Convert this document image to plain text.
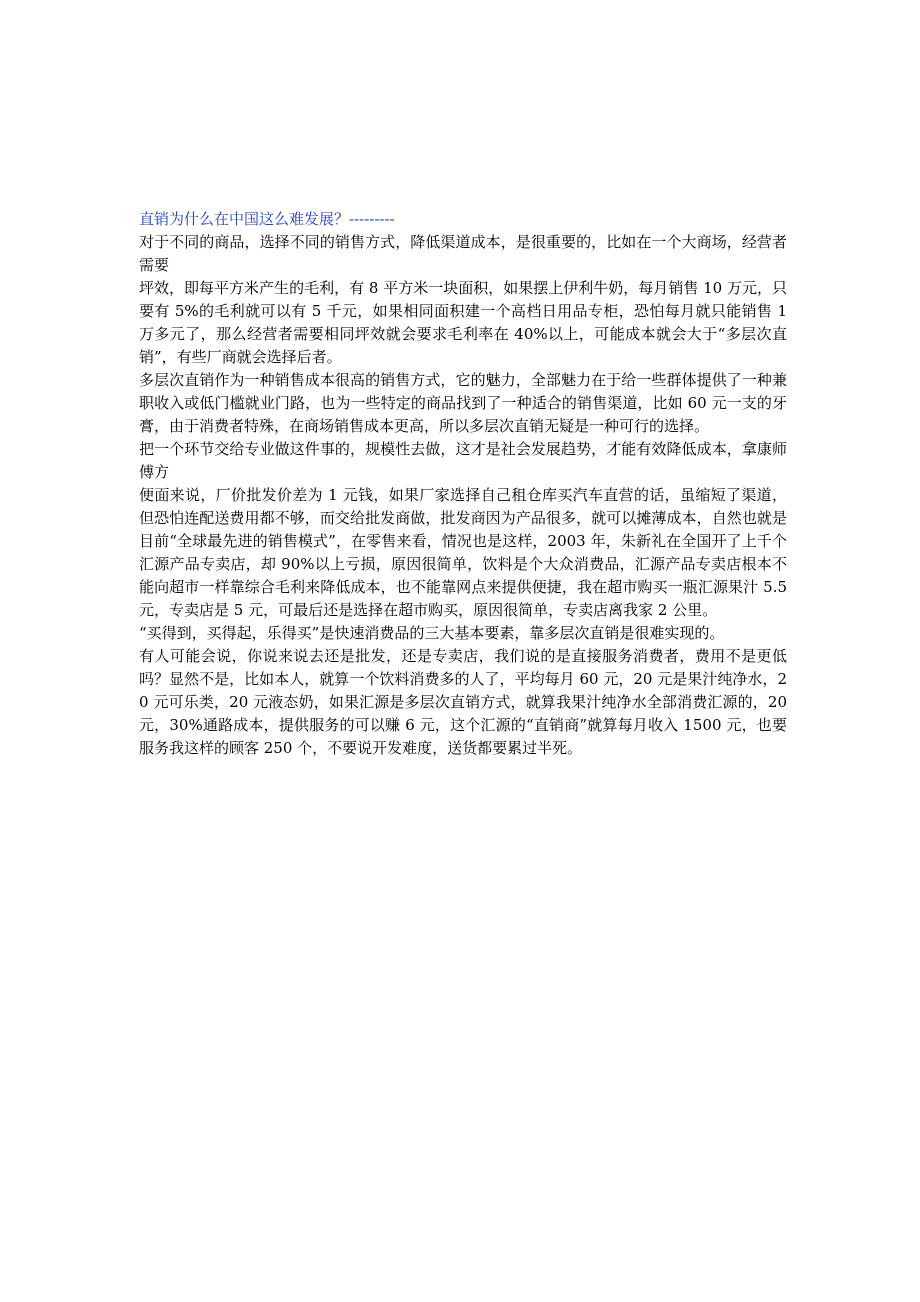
直销为什么在中国这么难发展？---------

对于不同的商品，选择不同的销售方式，降低渠道成本，是很重要的，比如在一个大商场，经营者需要

坪效，即每平方米产生的毛利，有 8 平方米一块面积，如果摆上伊利牛奶，每月销售 10 万元，只要有 5%的毛利就可以有 5 千元，如果相同面积建一个高档日用品专柜，恐怕每月就只能销售 1 万多元了，那么经营者需要相同坪效就会要求毛利率在 40%以上，可能成本就会大于“多层次直销”，有些厂商就会选择后者。

多层次直销作为一种销售成本很高的销售方式，它的魅力，全部魅力在于给一些群体提供了一种兼职收入或低门槛就业门路，也为一些特定的商品找到了一种适合的销售渠道，比如 60 元一支的牙膏，由于消费者特殊，在商场销售成本更高，所以多层次直销无疑是一种可行的选择。

把一个环节交给专业做这件事的，规模性去做，这才是社会发展趋势，才能有效降低成本，拿康师傅方

便面来说，厂价批发价差为 1 元钱，如果厂家选择自己租仓库买汽车直营的话，虽缩短了渠道，但恐怕连配送费用都不够，而交给批发商做，批发商因为产品很多，就可以摊薄成本，自然也就是目前“全球最先进的销售模式”，在零售来看，情况也是这样，2003 年，朱新礼在全国开了上千个汇源产品专卖店，却 90%以上亏损，原因很简单，饮料是个大众消费品，汇源产品专卖店根本不能向超市一样靠综合毛利来降低成本，也不能靠网点来提供便捷，我在超市购买一瓶汇源果汁 5.5 元，专卖店是 5 元，可最后还是选择在超市购买，原因很简单，专卖店离我家 2 公里。

“买得到，买得起，乐得买”是快速消费品的三大基本要素，靠多层次直销是很难实现的。

有人可能会说，你说来说去还是批发，还是专卖店，我们说的是直接服务消费者，费用不是更低吗？显然不是，比如本人，就算一个饮料消费多的人了，平均每月 60 元，20 元是果汁纯净水，20 元可乐类，20 元液态奶，如果汇源是多层次直销方式，就算我果汁纯净水全部消费汇源的，20 元，30%通路成本，提供服务的可以赚 6 元，这个汇源的“直销商”就算每月收入 1500 元，也要服务我这样的顾客 250 个，不要说开发难度，送货都要累过半死。
